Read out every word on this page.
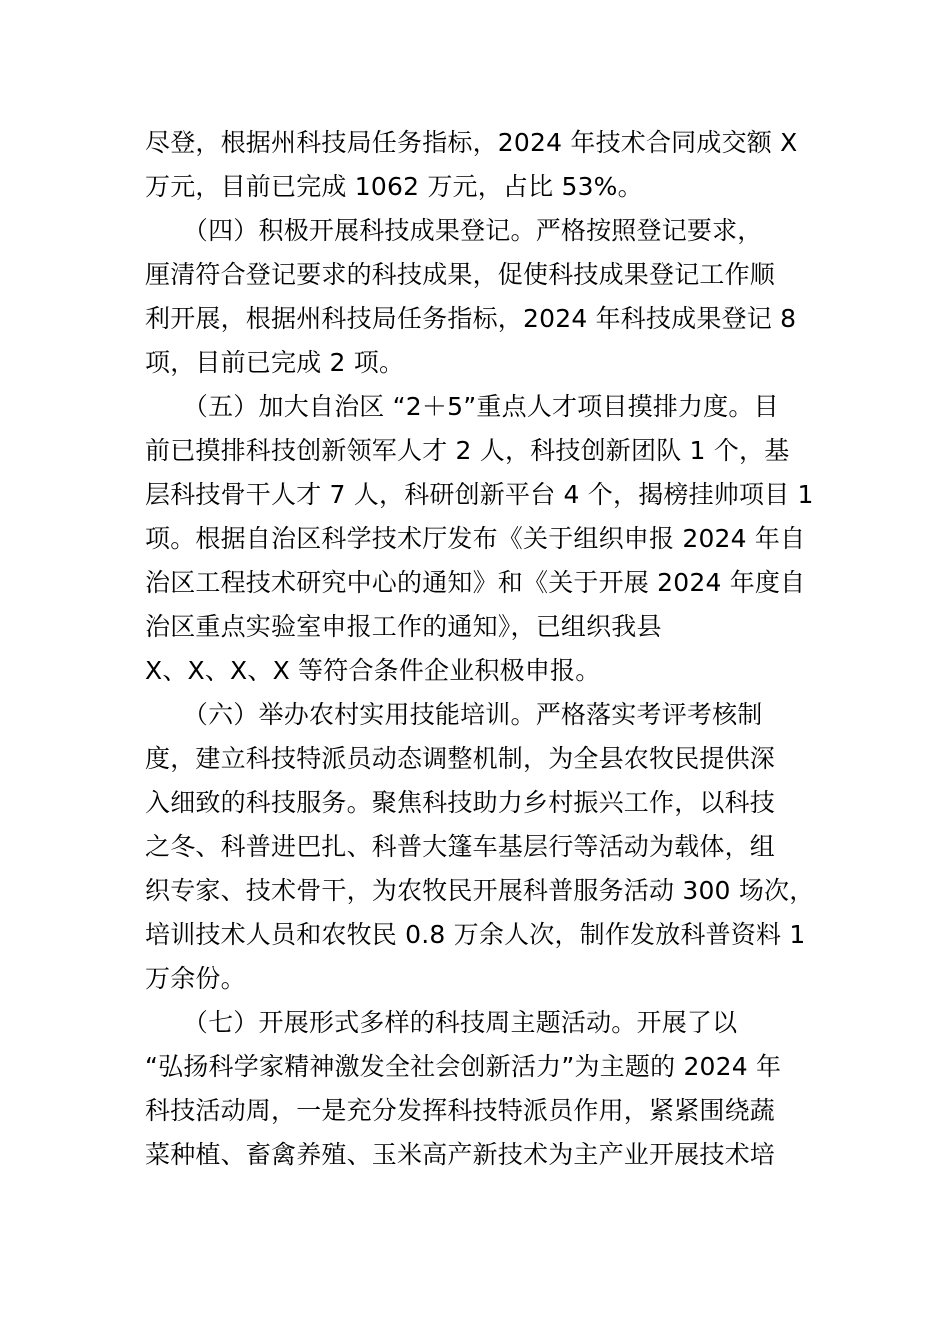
尽登，根据州科技局任务指标，2024 年技术合同成交额 X
万元，目前已完成 1062 万元，占比 53%。
　　（四）积极开展科技成果登记。严格按照登记要求，
厘清符合登记要求的科技成果，促使科技成果登记工作顺
利开展，根据州科技局任务指标，2024 年科技成果登记 8
项，目前已完成 2 项。
　　（五）加大自治区 “2＋5”重点人才项目摸排力度。目
前已摸排科技创新领军人才 2 人，科技创新团队 1 个，基
层科技骨干人才 7 人，科研创新平台 4 个，揭榜挂帅项目 1
项。根据自治区科学技术厅发布《关于组织申报 2024 年自
治区工程技术研究中心的通知》和《关于开展 2024 年度自
治区重点实验室申报工作的通知》，已组织我县
X、X、X、X 等符合条件企业积极申报。
　　（六）举办农村实用技能培训。严格落实考评考核制
度，建立科技特派员动态调整机制，为全县农牧民提供深
入细致的科技服务。聚焦科技助力乡村振兴工作，以科技
之冬、科普进巴扎、科普大篷车基层行等活动为载体，组
织专家、技术骨干，为农牧民开展科普服务活动 300 场次，
培训技术人员和农牧民 0.8 万余人次，制作发放科普资料 1
万余份。
　　（七）开展形式多样的科技周主题活动。开展了以
“弘扬科学家精神激发全社会创新活力”为主题的 2024 年
科技活动周，一是充分发挥科技特派员作用，紧紧围绕蔬
菜种植、畜禽养殖、玉米高产新技术为主产业开展技术培
